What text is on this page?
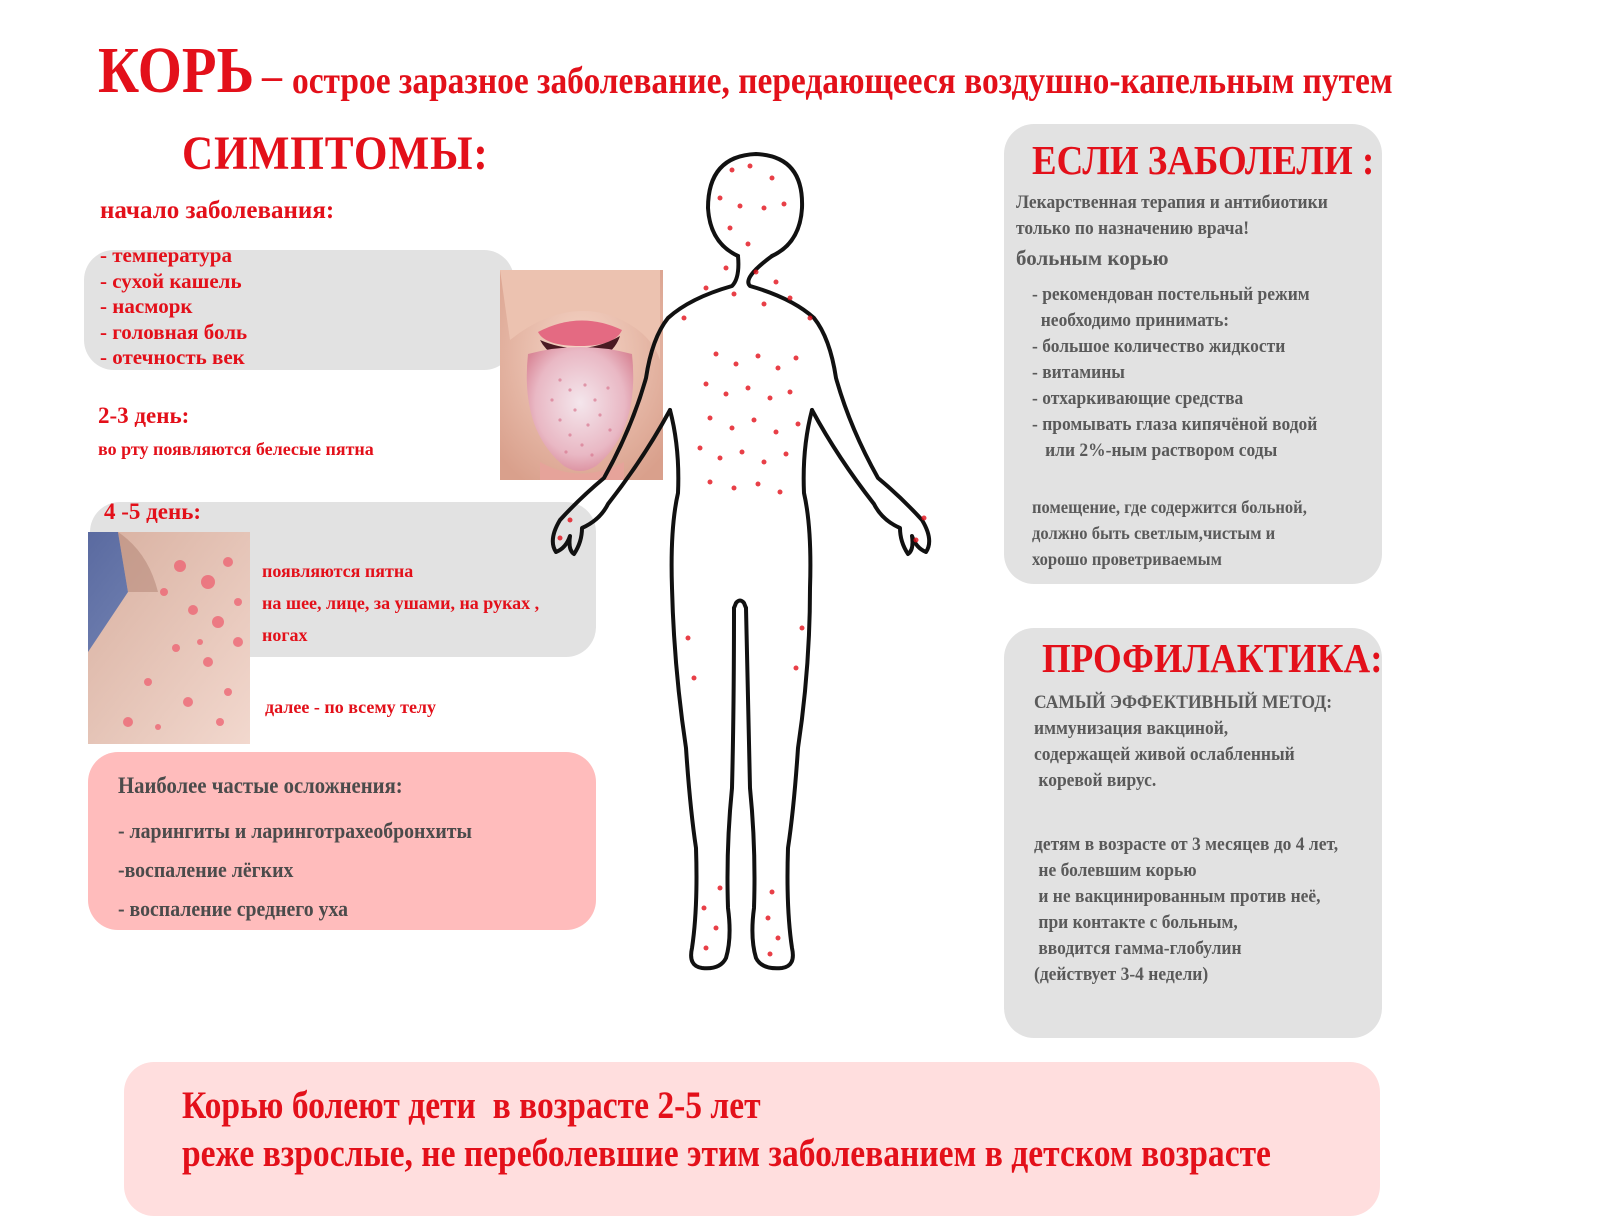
КОРЬ – острое заразное заболевание, передающееся воздушно-капельным путем
СИМПТОМЫ:
начало заболевания:
- температура
- сухой кашель
- насморк
- головная боль
- отечность век
2-3 день:
во рту появляются белесые пятна
4 -5 день:
появляются пятна
на шее, лице, за ушами, на руках ,
ногах
далее - по всему телу
Наиболее частые осложнения:
- ларингиты и ларинготрахеобронхиты
-воспаление лёгких
- воспаление среднего уха
ЕСЛИ ЗАБОЛЕЛИ :
Лекарственная терапия и антибиотики
только по назначению врача!
больным корью
- рекомендован постельный режим
необходимо принимать:
- большое количество жидкости
- витамины
- отхаркивающие средства
- промывать глаза кипячёной водой
или 2%-ным раствором соды
помещение, где содержится больной,
должно быть светлым,чистым и
хорошо проветриваемым
ПРОФИЛАКТИКА:
САМЫЙ ЭФФЕКТИВНЫЙ МЕТОД:
иммунизация вакциной,
содержащей живой ослабленный
коревой вирус.
детям в возрасте от 3 месяцев до 4 лет,
не болевшим корью
и не вакцинированным против неё,
при контакте с больным,
вводится гамма-глобулин
(действует 3-4 недели)
Корью болеют дети  в возрасте 2-5 лет
реже взрослые, не переболевшие этим заболеванием в детском возрасте
